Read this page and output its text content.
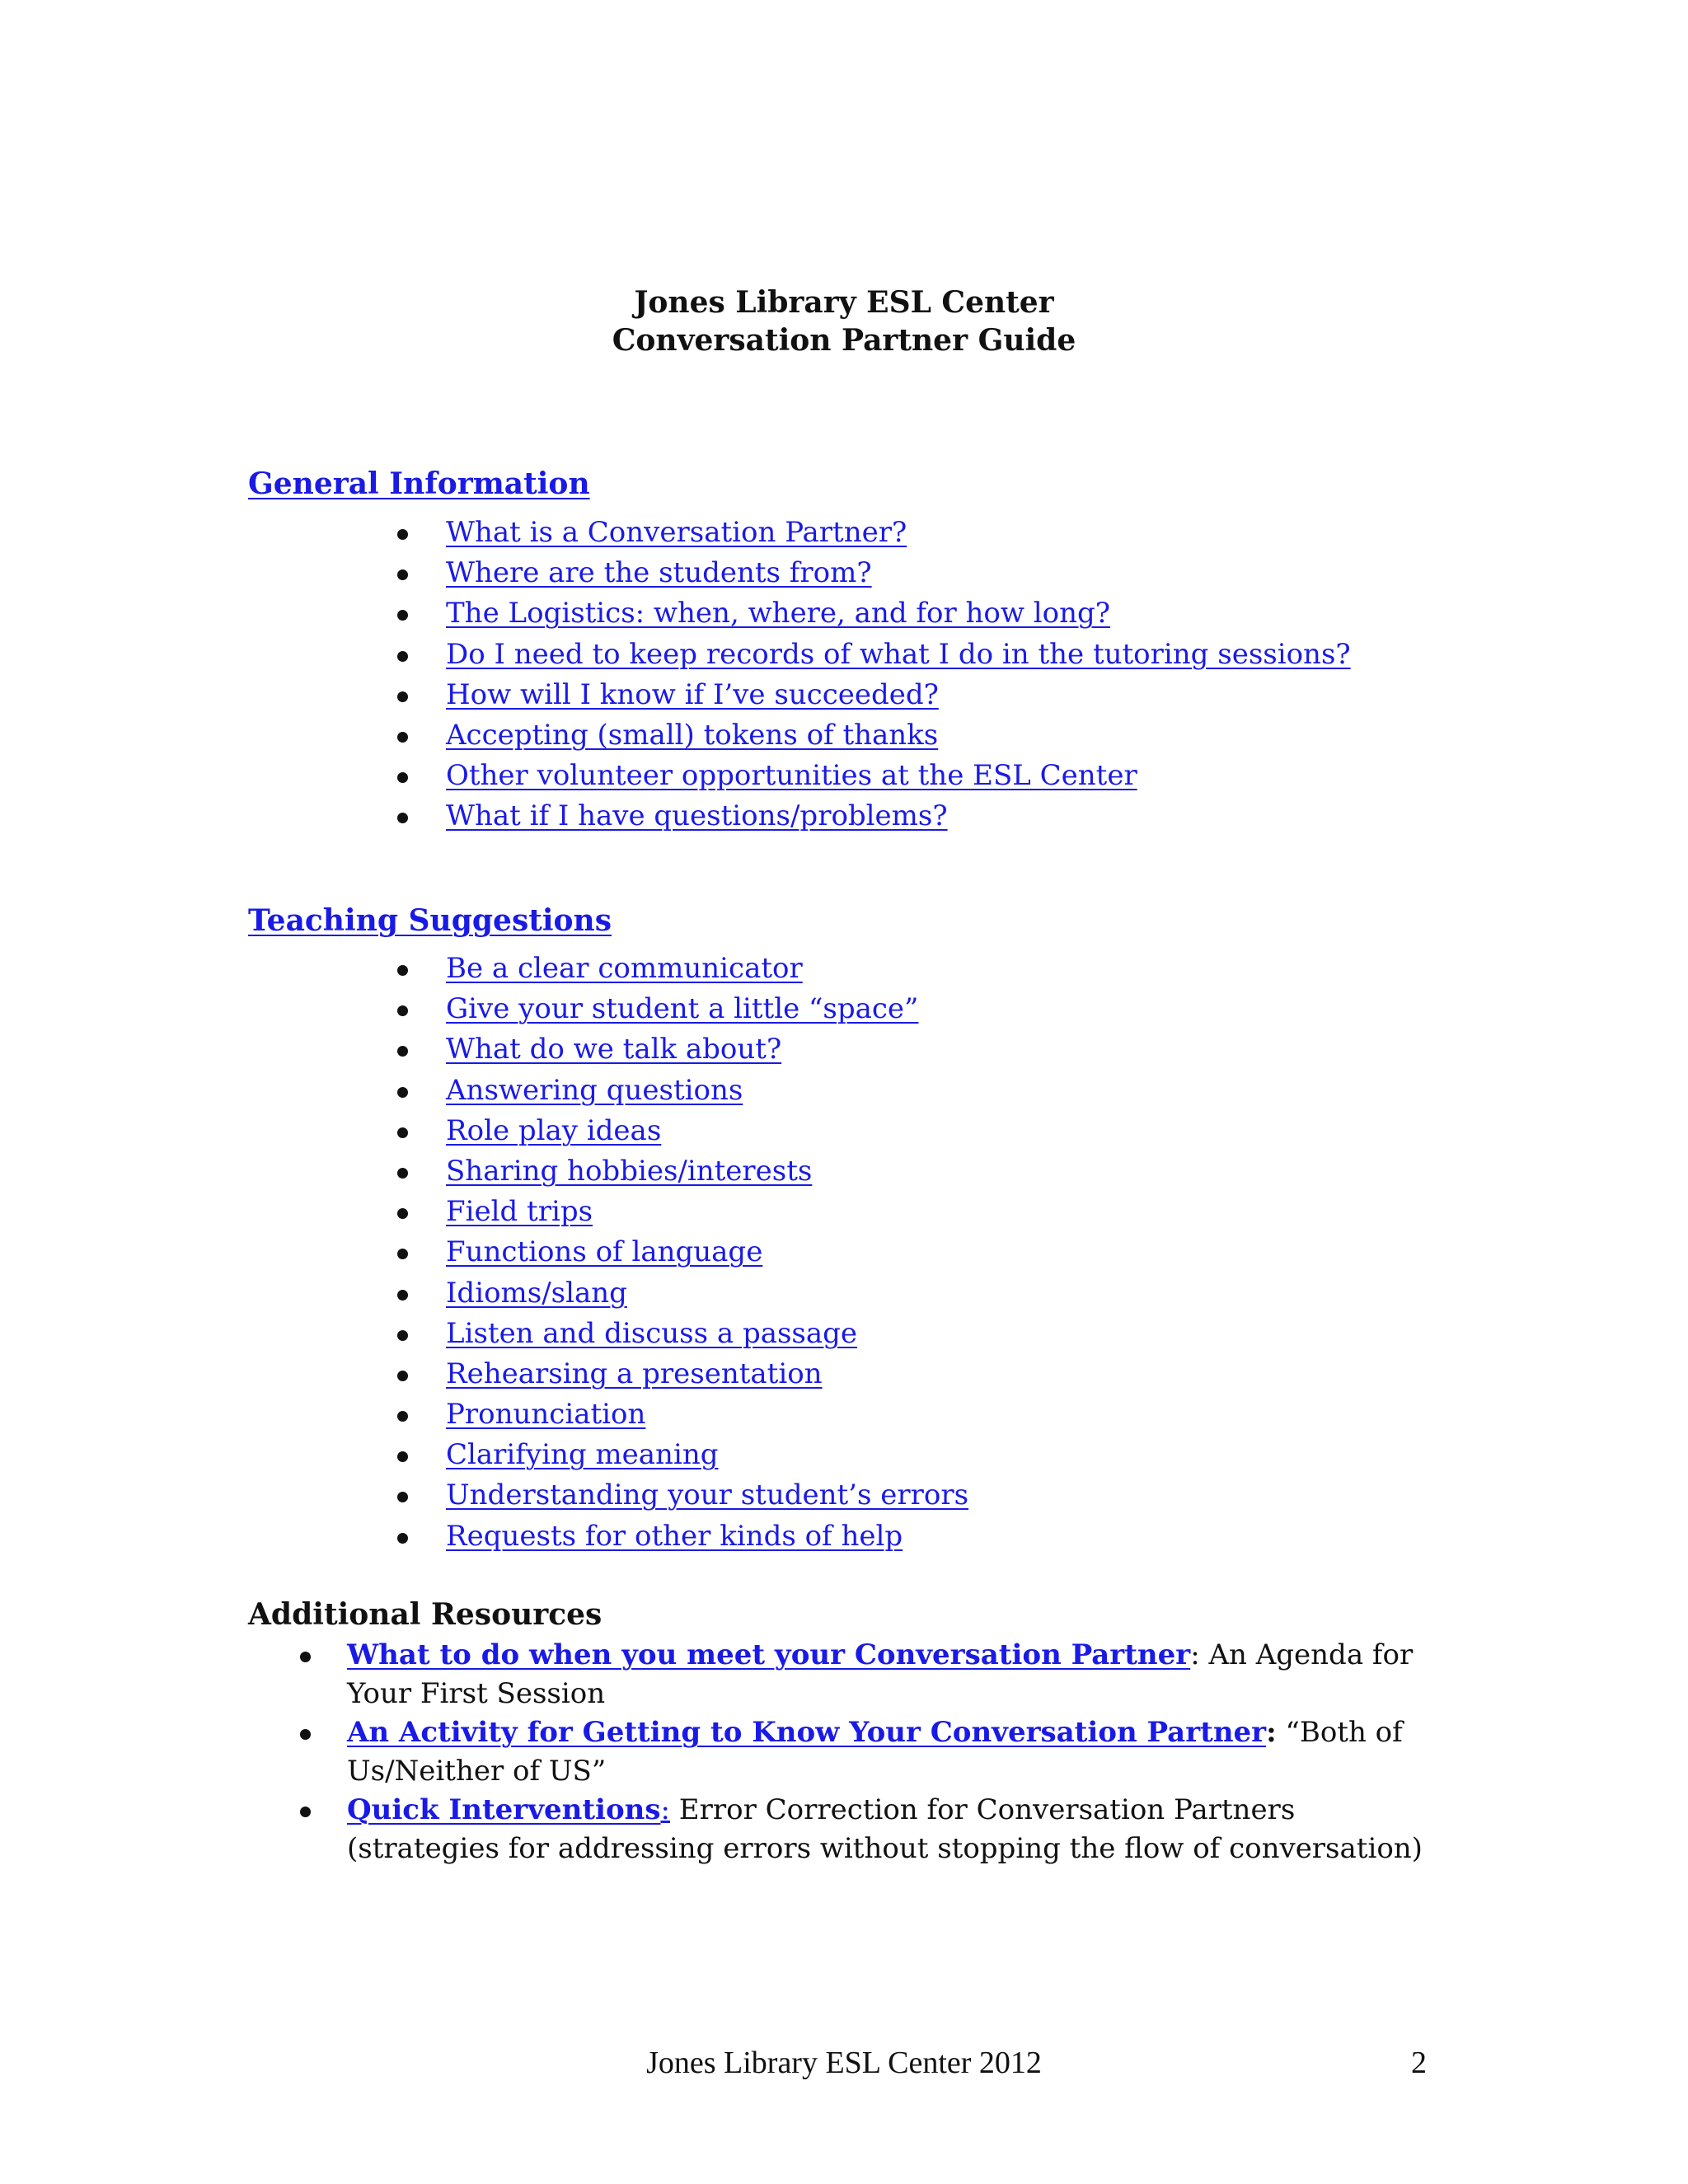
Jones Library ESL Center
Conversation Partner Guide
General Information
What is a Conversation Partner?
Where are the students from?
The Logistics: when, where, and for how long?
Do I need to keep records of what I do in the tutoring sessions?
How will I know if I’ve succeeded?
Accepting (small) tokens of thanks
Other volunteer opportunities at the ESL Center
What if I have questions/problems?
Teaching Suggestions
Be a clear communicator
Give your student a little “space”
What do we talk about?
Answering questions
Role play ideas
Sharing hobbies/interests
Field trips
Functions of language
Idioms/slang
Listen and discuss a passage
Rehearsing a presentation
Pronunciation
Clarifying meaning
Understanding your student’s errors
Requests for other kinds of help
Additional Resources
What to do when you meet your Conversation Partner: An Agenda for Your First Session
An Activity for Getting to Know Your Conversation Partner: “Both of Us/Neither of US”
Quick Interventions: Error Correction for Conversation Partners (strategies for addressing errors without stopping the flow of conversation)
Jones Library ESL Center 2012	2
